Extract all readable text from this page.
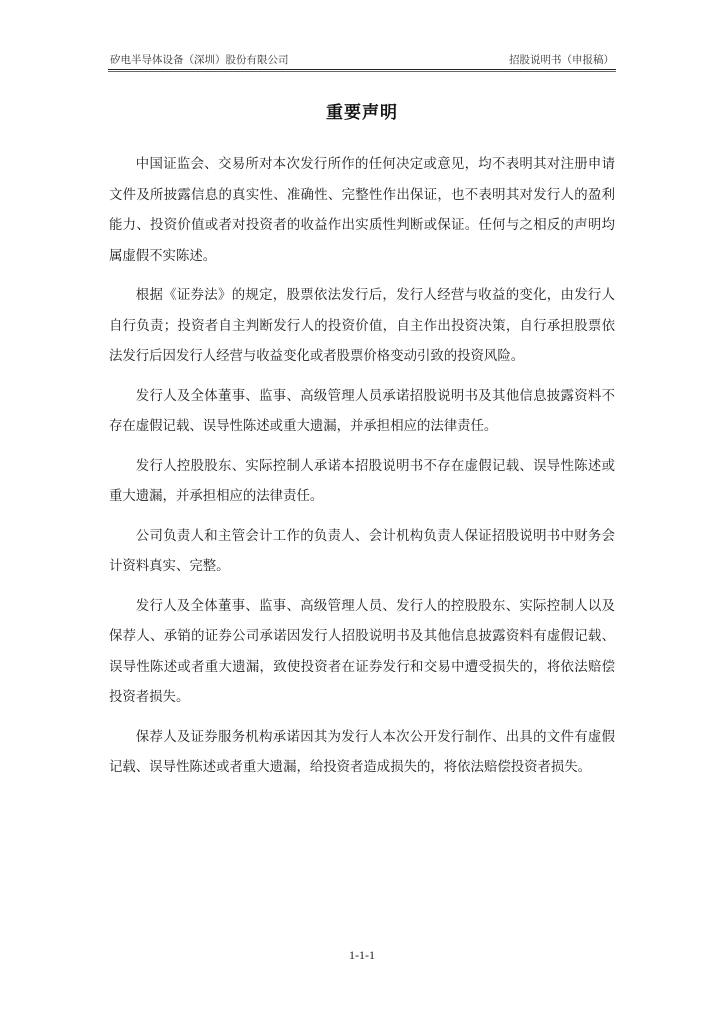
矽电半导体设备（深圳）股份有限公司	招股说明书（申报稿）
重要声明

中国证监会、交易所对本次发行所作的任何决定或意见，均不表明其对注册申请文件及所披露信息的真实性、准确性、完整性作出保证，也不表明其对发行人的盈利能力、投资价值或者对投资者的收益作出实质性判断或保证。任何与之相反的声明均属虚假不实陈述。

根据《证券法》的规定，股票依法发行后，发行人经营与收益的变化，由发行人自行负责；投资者自主判断发行人的投资价值，自主作出投资决策，自行承担股票依法发行后因发行人经营与收益变化或者股票价格变动引致的投资风险。

发行人及全体董事、监事、高级管理人员承诺招股说明书及其他信息披露资料不存在虚假记载、误导性陈述或重大遗漏，并承担相应的法律责任。

发行人控股股东、实际控制人承诺本招股说明书不存在虚假记载、误导性陈述或重大遗漏，并承担相应的法律责任。

公司负责人和主管会计工作的负责人、会计机构负责人保证招股说明书中财务会计资料真实、完整。

发行人及全体董事、监事、高级管理人员、发行人的控股股东、实际控制人以及保荐人、承销的证券公司承诺因发行人招股说明书及其他信息披露资料有虚假记载、误导性陈述或者重大遗漏，致使投资者在证券发行和交易中遭受损失的，将依法赔偿投资者损失。

保荐人及证券服务机构承诺因其为发行人本次公开发行制作、出具的文件有虚假记载、误导性陈述或者重大遗漏，给投资者造成损失的，将依法赔偿投资者损失。

1-1-1
